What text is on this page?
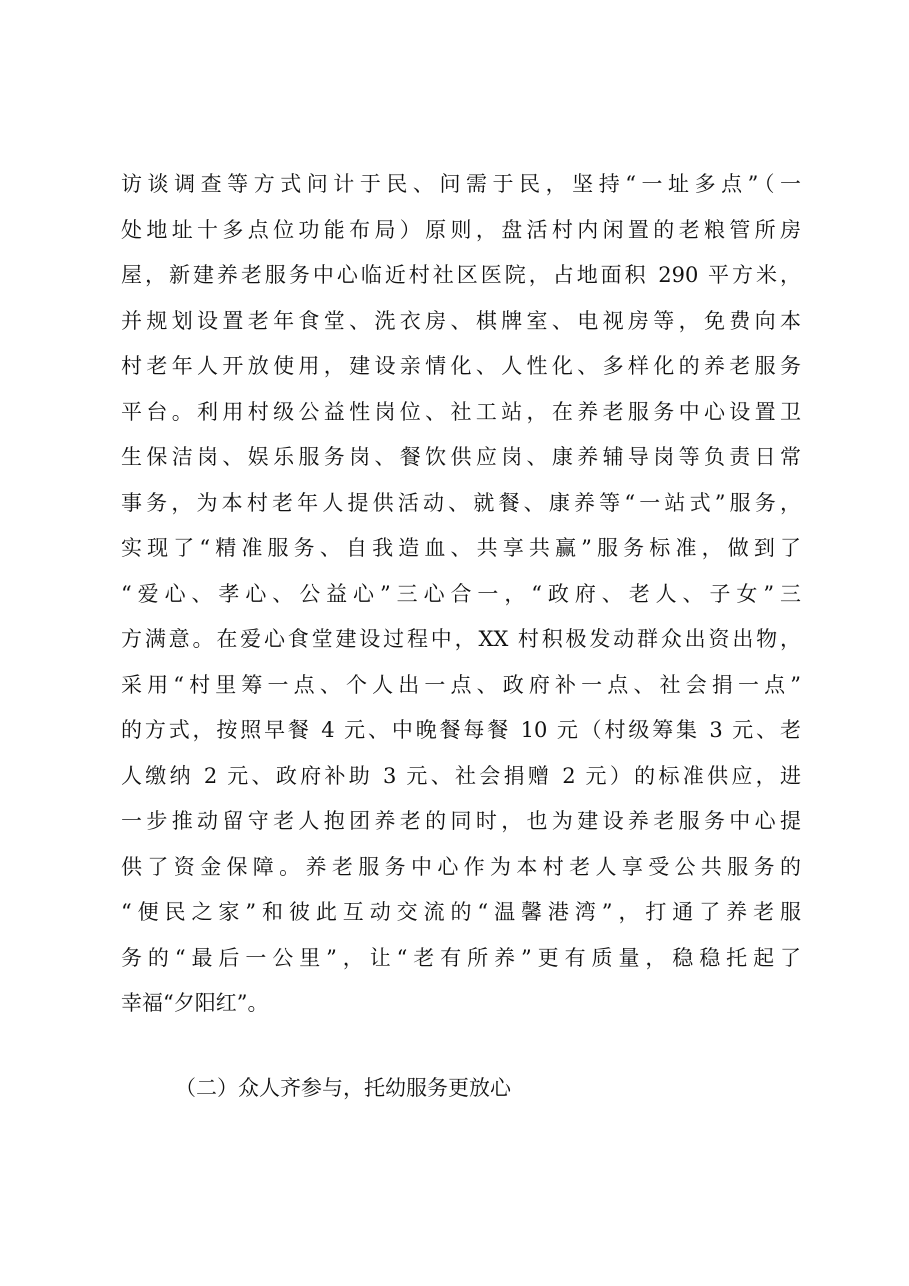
访谈调查等方式问计于民、问需于民，坚持“一址多点”（一
处地址十多点位功能布局）原则，盘活村内闲置的老粮管所房
屋，新建养老服务中心临近村社区医院，占地面积 290 平方米，
并规划设置老年食堂、洗衣房、棋牌室、电视房等，免费向本
村老年人开放使用，建设亲情化、人性化、多样化的养老服务
平台。利用村级公益性岗位、社工站，在养老服务中心设置卫
生保洁岗、娱乐服务岗、餐饮供应岗、康养辅导岗等负责日常
事务，为本村老年人提供活动、就餐、康养等“一站式”服务，
实现了“精准服务、自我造血、共享共赢”服务标准，做到了
“爱心、孝心、公益心”三心合一，“政府、老人、子女”三
方满意。在爱心食堂建设过程中，XX 村积极发动群众出资出物，
采用“村里筹一点、个人出一点、政府补一点、社会捐一点”
的方式，按照早餐 4 元、中晚餐每餐 10 元（村级筹集 3 元、老
人缴纳 2 元、政府补助 3 元、社会捐赠 2 元）的标准供应，进
一步推动留守老人抱团养老的同时，也为建设养老服务中心提
供了资金保障。养老服务中心作为本村老人享受公共服务的
“便民之家”和彼此互动交流的“温馨港湾”，打通了养老服
务的“最后一公里”，让“老有所养”更有质量，稳稳托起了
幸福“夕阳红”。
（二）众人齐参与，托幼服务更放心
